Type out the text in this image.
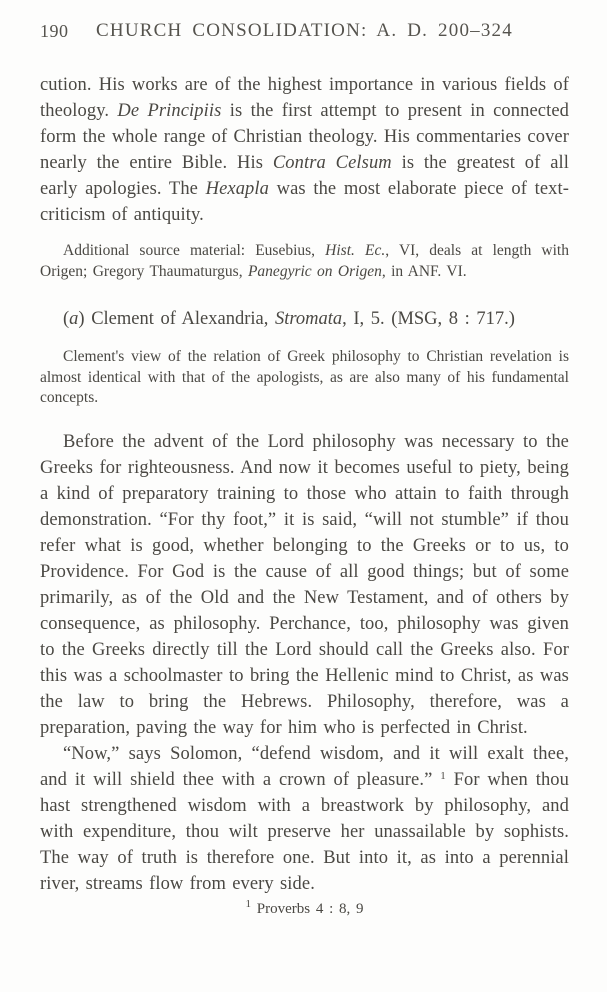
190 CHURCH CONSOLIDATION: A. D. 200–324

cution. His works are of the highest importance in various fields of theology. De Principiis is the first attempt to present in connected form the whole range of Christian theology. His commentaries cover nearly the entire Bible. His Contra Celsum is the greatest of all early apologies. The Hexapla was the most elaborate piece of text-criticism of antiquity.

Additional source material: Eusebius, Hist. Ec., VI, deals at length with Origen; Gregory Thaumaturgus, Panegyric on Origen, in ANF. VI.

(a) Clement of Alexandria, Stromata, I, 5. (MSG, 8 : 717.)

Clement's view of the relation of Greek philosophy to Christian revelation is almost identical with that of the apologists, as are also many of his fundamental concepts.

Before the advent of the Lord philosophy was necessary to the Greeks for righteousness. And now it becomes useful to piety, being a kind of preparatory training to those who attain to faith through demonstration. “For thy foot,” it is said, “will not stumble” if thou refer what is good, whether belonging to the Greeks or to us, to Providence. For God is the cause of all good things; but of some primarily, as of the Old and the New Testament, and of others by consequence, as philosophy. Perchance, too, philosophy was given to the Greeks directly till the Lord should call the Greeks also. For this was a schoolmaster to bring the Hellenic mind to Christ, as was the law to bring the Hebrews. Philosophy, therefore, was a preparation, paving the way for him who is perfected in Christ.

“Now,” says Solomon, “defend wisdom, and it will exalt thee, and it will shield thee with a crown of pleasure.” $^1$ For when thou hast strengthened wisdom with a breastwork by philosophy, and with expenditure, thou wilt preserve her unassailable by sophists. The way of truth is therefore one. But into it, as into a perennial river, streams flow from every side.

$^1$ Proverbs 4 : 8, 9
